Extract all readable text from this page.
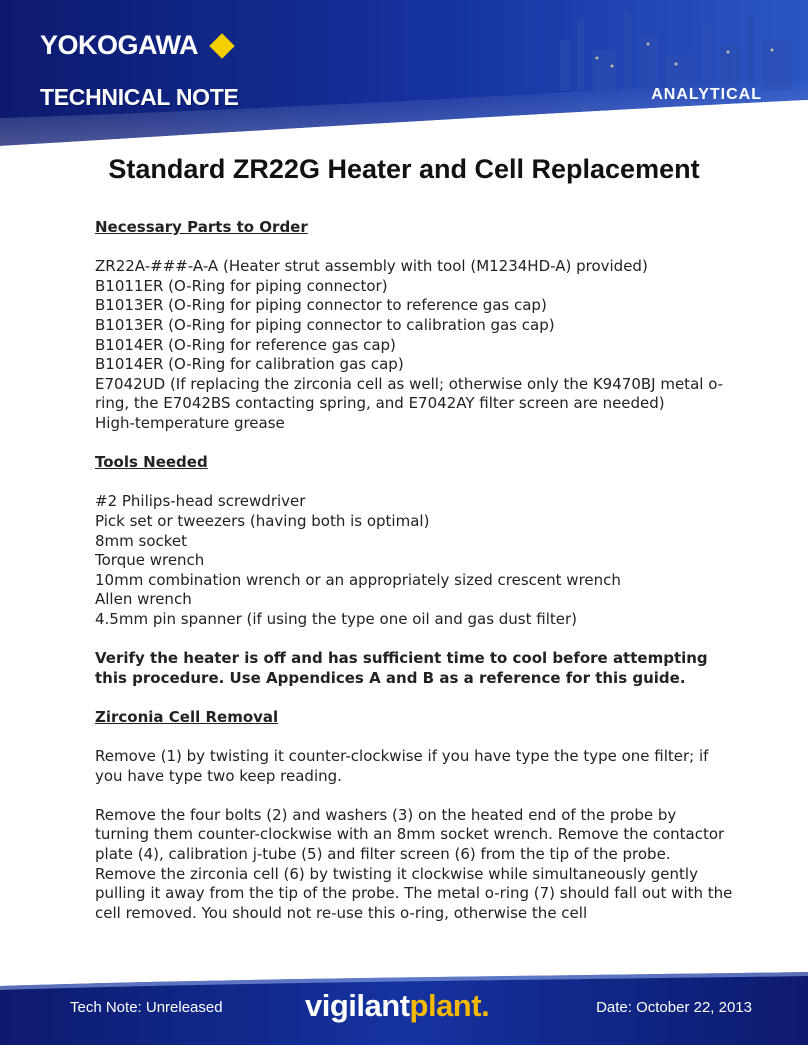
YOKOGAWA
TECHNICAL NOTE	ANALYTICAL
Standard ZR22G Heater and Cell Replacement

Necessary Parts to Order

ZR22A-###-A-A (Heater strut assembly with tool (M1234HD-A) provided)

B1011ER (O-Ring for piping connector)

B1013ER (O-Ring for piping connector to reference gas cap)

B1013ER (O-Ring for piping connector to calibration gas cap)

B1014ER (O-Ring for reference gas cap)

B1014ER (O-Ring for calibration gas cap)

E7042UD (If replacing the zirconia cell as well; otherwise only the K9470BJ metal o-ring, the E7042BS contacting spring, and E7042AY filter screen are needed)

High-temperature grease

Tools Needed

#2 Philips-head screwdriver

Pick set or tweezers (having both is optimal)

8mm socket

Torque wrench

10mm combination wrench or an appropriately sized crescent wrench

Allen wrench

4.5mm pin spanner (if using the type one oil and gas dust filter)

Verify the heater is off and has sufficient time to cool before attempting this procedure. Use Appendices A and B as a reference for this guide.

Zirconia Cell Removal

Remove (1) by twisting it counter-clockwise if you have type the type one filter; if you have type two keep reading.

Remove the four bolts (2) and washers (3) on the heated end of the probe by turning them counter-clockwise with an 8mm socket wrench. Remove the contactor plate (4), calibration j-tube (5) and filter screen (6) from the tip of the probe. Remove the zirconia cell (6) by twisting it clockwise while simultaneously gently pulling it away from the tip of the probe. The metal o-ring (7) should fall out with the cell removed. You should not re-use this o-ring, otherwise the cell

Tech Note: Unreleased	vigilantplant.	Date: October 22, 2013
